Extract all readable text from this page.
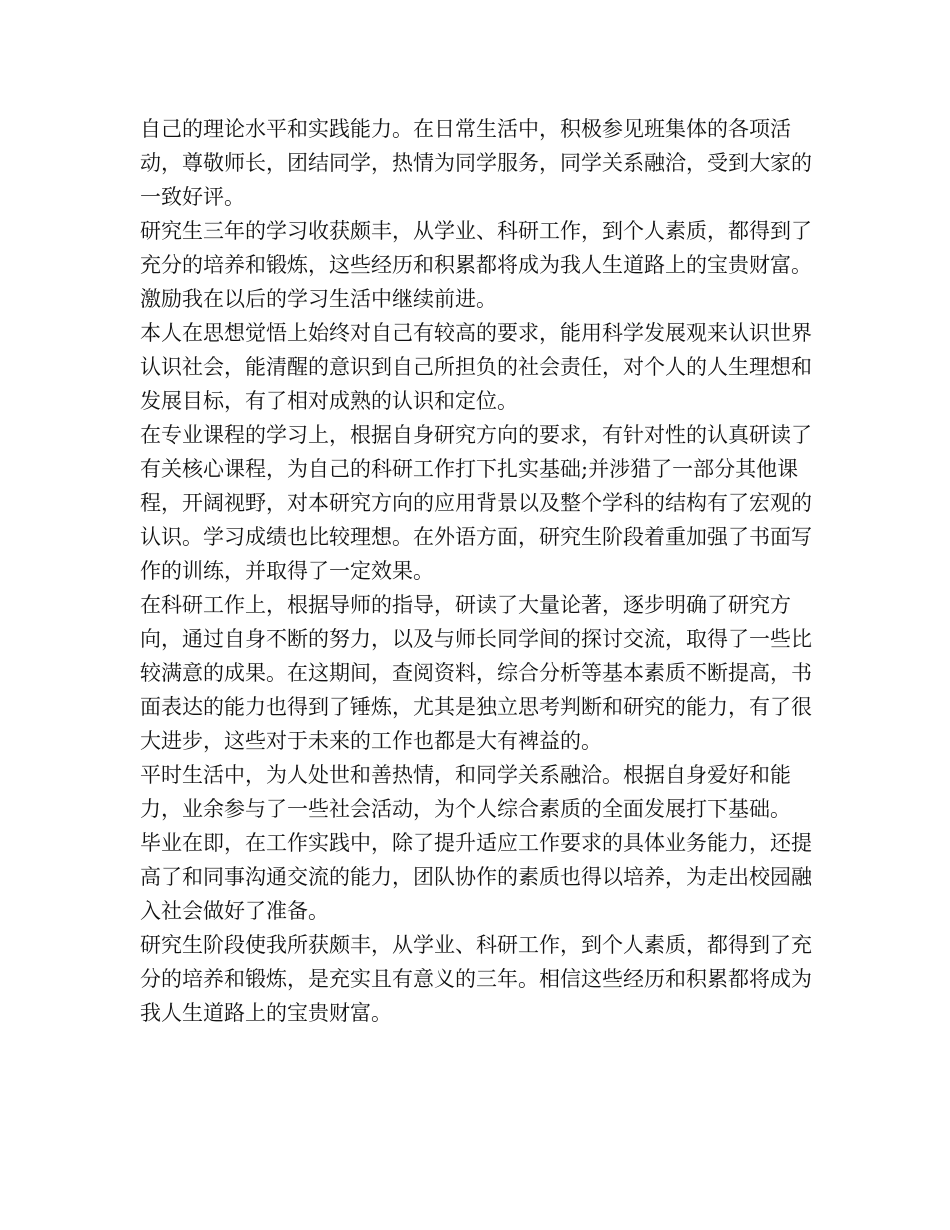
自己的理论水平和实践能力。在日常生活中，积极参见班集体的各项活动，尊敬师长，团结同学，热情为同学服务，同学关系融洽，受到大家的一致好评。

研究生三年的学习收获颇丰，从学业、科研工作，到个人素质，都得到了充分的培养和锻炼，这些经历和积累都将成为我人生道路上的宝贵财富。激励我在以后的学习生活中继续前进。

本人在思想觉悟上始终对自己有较高的要求，能用科学发展观来认识世界认识社会，能清醒的意识到自己所担负的社会责任，对个人的人生理想和发展目标，有了相对成熟的认识和定位。

在专业课程的学习上，根据自身研究方向的要求，有针对性的认真研读了有关核心课程，为自己的科研工作打下扎实基础;并涉猎了一部分其他课程，开阔视野，对本研究方向的应用背景以及整个学科的结构有了宏观的认识。学习成绩也比较理想。在外语方面，研究生阶段着重加强了书面写作的训练，并取得了一定效果。

在科研工作上，根据导师的指导，研读了大量论著，逐步明确了研究方向，通过自身不断的努力，以及与师长同学间的探讨交流，取得了一些比较满意的成果。在这期间，查阅资料，综合分析等基本素质不断提高，书面表达的能力也得到了锤炼，尤其是独立思考判断和研究的能力，有了很大进步，这些对于未来的工作也都是大有裨益的。

平时生活中，为人处世和善热情，和同学关系融洽。根据自身爱好和能力，业余参与了一些社会活动，为个人综合素质的全面发展打下基础。

毕业在即，在工作实践中，除了提升适应工作要求的具体业务能力，还提高了和同事沟通交流的能力，团队协作的素质也得以培养，为走出校园融入社会做好了准备。

研究生阶段使我所获颇丰，从学业、科研工作，到个人素质，都得到了充分的培养和锻炼，是充实且有意义的三年。相信这些经历和积累都将成为我人生道路上的宝贵财富。
